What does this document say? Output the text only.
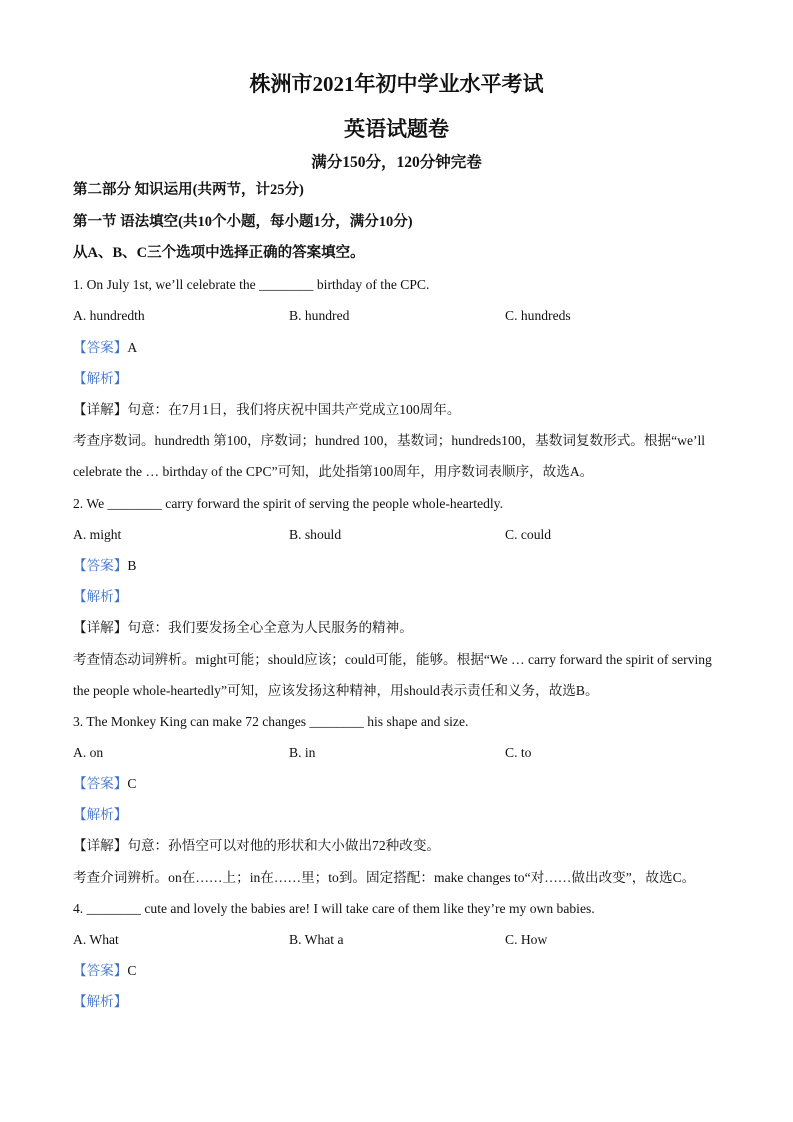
株洲市2021年初中学业水平考试
英语试题卷
满分150分，120分钟完卷
第二部分 知识运用(共两节，计25分)
第一节 语法填空(共10个小题，每小题1分，满分10分)
从A、B、C三个选项中选择正确的答案填空。
1. On July 1st, we’ll celebrate the ________ birthday of the CPC.
A. hundredth	B. hundred	C. hundreds
【答案】A
【解析】
【详解】句意：在7月1日，我们将庆祝中国共产党成立100周年。
考查序数词。hundredth 第100，序数词；hundred 100，基数词；hundreds100，基数词复数形式。根据“we’ll
celebrate the … birthday of the CPC”可知，此处指第100周年，用序数词表顺序，故选A。
2. We ________ carry forward the spirit of serving the people whole-heartedly.
A. might	B. should	C. could
【答案】B
【解析】
【详解】句意：我们要发扬全心全意为人民服务的精神。
考查情态动词辨析。might可能；should应该；could可能，能够。根据“We … carry forward the spirit of serving
the people whole-heartedly”可知，应该发扬这种精神，用should表示责任和义务，故选B。
3. The Monkey King can make 72 changes ________ his shape and size.
A. on	B. in	C. to
【答案】C
【解析】
【详解】句意：孙悟空可以对他的形状和大小做出72种改变。
考查介词辨析。on在……上；in在……里；to到。固定搭配：make changes to“对……做出改变”，故选C。
4. ________ cute and lovely the babies are! I will take care of them like they’re my own babies.
A. What	B. What a	C. How
【答案】C
【解析】
